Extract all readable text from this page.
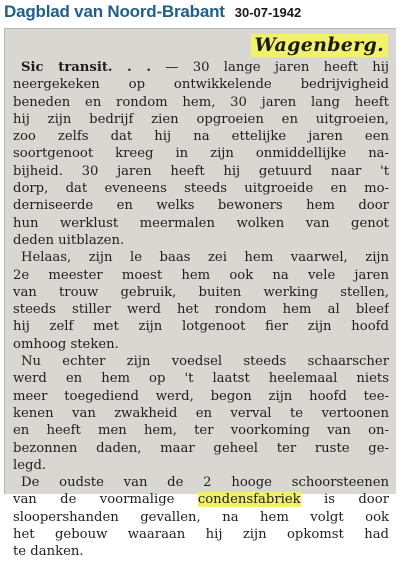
Dagblad van Noord-Brabant 30-07-1942
Wagenberg.
Sic transit. . . — 30 lange jaren heeft hij
neergekeken op ontwikkelende bedrijvigheid
beneden en rondom hem, 30 jaren lang heeft
hij zijn bedrijf zien opgroeien en uitgroeien,
zoo zelfs dat hij na ettelijke jaren een
soortgenoot kreeg in zijn onmiddellijke na-
bijheid. 30 jaren heeft hij getuurd naar 't
dorp, dat eveneens steeds uitgroeide en mo-
derniseerde en welks bewoners hem door
hun werklust meermalen wolken van genot
deden uitblazen.
Helaas, zijn le baas zei hem vaarwel, zijn
2e meester moest hem ook na vele jaren
van trouw gebruik, buiten werking stellen,
steeds stiller werd het rondom hem al bleef
hij zelf met zijn lotgenoot fier zijn hoofd
omhoog steken.
Nu echter zijn voedsel steeds schaarscher
werd en hem op 't laatst heelemaal niets
meer toegediend werd, begon zijn hoofd tee-
kenen van zwakheid en verval te vertoonen
en heeft men hem, ter voorkoming van on-
bezonnen daden, maar geheel ter ruste ge-
legd.
De oudste van de 2 hooge schoorsteenen
van de voormalige condensfabriek is door
sloopershanden gevallen, na hem volgt ook
het gebouw waaraan hij zijn opkomst had
te danken.
